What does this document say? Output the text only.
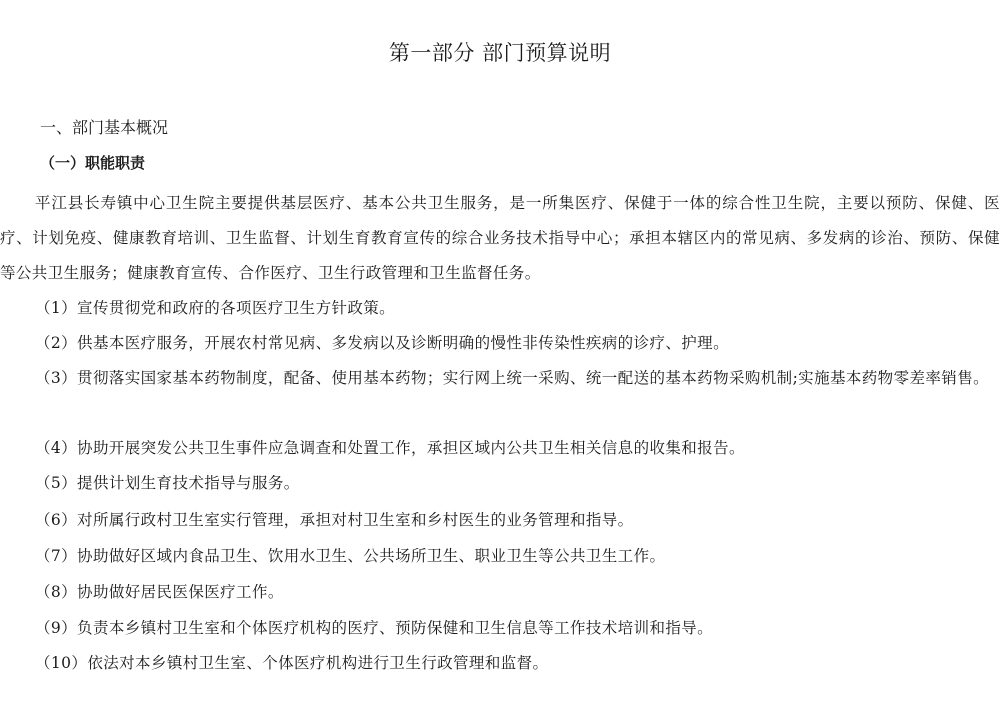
第一部分 部门预算说明
一、部门基本概况
（一）职能职责

平江县长寿镇中心卫生院主要提供基层医疗、基本公共卫生服务，是一所集医疗、保健于一体的综合性卫生院，主要以预防、保健、医疗、计划免疫、健康教育培训、卫生监督、计划生育教育宣传的综合业务技术指导中心；承担本辖区内的常见病、多发病的诊治、预防、保健等公共卫生服务；健康教育宣传、合作医疗、卫生行政管理和卫生监督任务。

（1）宣传贯彻党和政府的各项医疗卫生方针政策。

（2）供基本医疗服务，开展农村常见病、多发病以及诊断明确的慢性非传染性疾病的诊疗、护理。

（3）贯彻落实国家基本药物制度，配备、使用基本药物；实行网上统一采购、统一配送的基本药物采购机制;实施基本药物零差率销售。

（4）协助开展突发公共卫生事件应急调查和处置工作，承担区域内公共卫生相关信息的收集和报告。

（5）提供计划生育技术指导与服务。

（6）对所属行政村卫生室实行管理，承担对村卫生室和乡村医生的业务管理和指导。

（7）协助做好区域内食品卫生、饮用水卫生、公共场所卫生、职业卫生等公共卫生工作。

（8）协助做好居民医保医疗工作。

（9）负责本乡镇村卫生室和个体医疗机构的医疗、预防保健和卫生信息等工作技术培训和指导。

（10）依法对本乡镇村卫生室、个体医疗机构进行卫生行政管理和监督。
